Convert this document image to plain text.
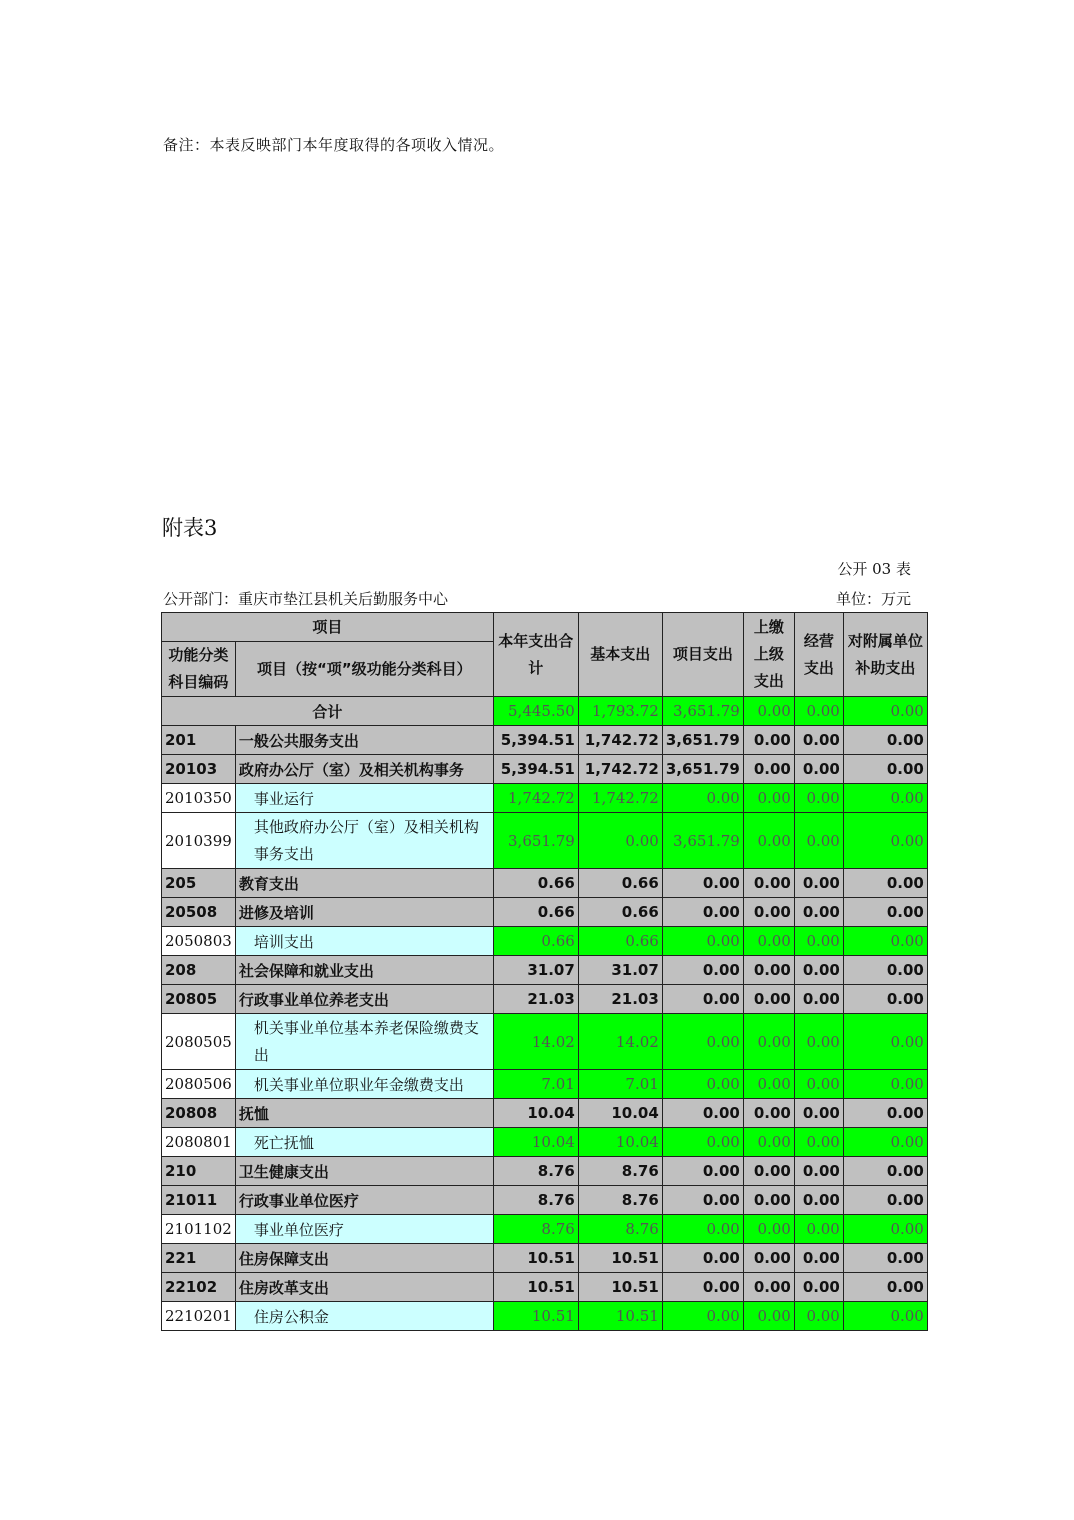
备注：本表反映部门本年度取得的各项收入情况。
附表3
公开 03 表
公开部门：重庆市垫江县机关后勤服务中心	单位：万元
项目		本年支出合计	基本支出	项目支出	上缴上级支出	经营支出	对附属单位补助支出
功能分类科目编码	项目（按“项”级功能分类科目）						
合计		5,445.50	1,793.72	3,651.79	0.00	0.00	0.00
201	一般公共服务支出	5,394.51	1,742.72	3,651.79	0.00	0.00	0.00
20103	政府办公厅（室）及相关机构事务	5,394.51	1,742.72	3,651.79	0.00	0.00	0.00
2010350	事业运行	1,742.72	1,742.72	0.00	0.00	0.00	0.00
2010399	其他政府办公厅（室）及相关机构事务支出	3,651.79	0.00	3,651.79	0.00	0.00	0.00
205	教育支出	0.66	0.66	0.00	0.00	0.00	0.00
20508	进修及培训	0.66	0.66	0.00	0.00	0.00	0.00
2050803	培训支出	0.66	0.66	0.00	0.00	0.00	0.00
208	社会保障和就业支出	31.07	31.07	0.00	0.00	0.00	0.00
20805	行政事业单位养老支出	21.03	21.03	0.00	0.00	0.00	0.00
2080505	机关事业单位基本养老保险缴费支出	14.02	14.02	0.00	0.00	0.00	0.00
2080506	机关事业单位职业年金缴费支出	7.01	7.01	0.00	0.00	0.00	0.00
20808	抚恤	10.04	10.04	0.00	0.00	0.00	0.00
2080801	死亡抚恤	10.04	10.04	0.00	0.00	0.00	0.00
210	卫生健康支出	8.76	8.76	0.00	0.00	0.00	0.00
21011	行政事业单位医疗	8.76	8.76	0.00	0.00	0.00	0.00
2101102	事业单位医疗	8.76	8.76	0.00	0.00	0.00	0.00
221	住房保障支出	10.51	10.51	0.00	0.00	0.00	0.00
22102	住房改革支出	10.51	10.51	0.00	0.00	0.00	0.00
2210201	住房公积金	10.51	10.51	0.00	0.00	0.00	0.00
